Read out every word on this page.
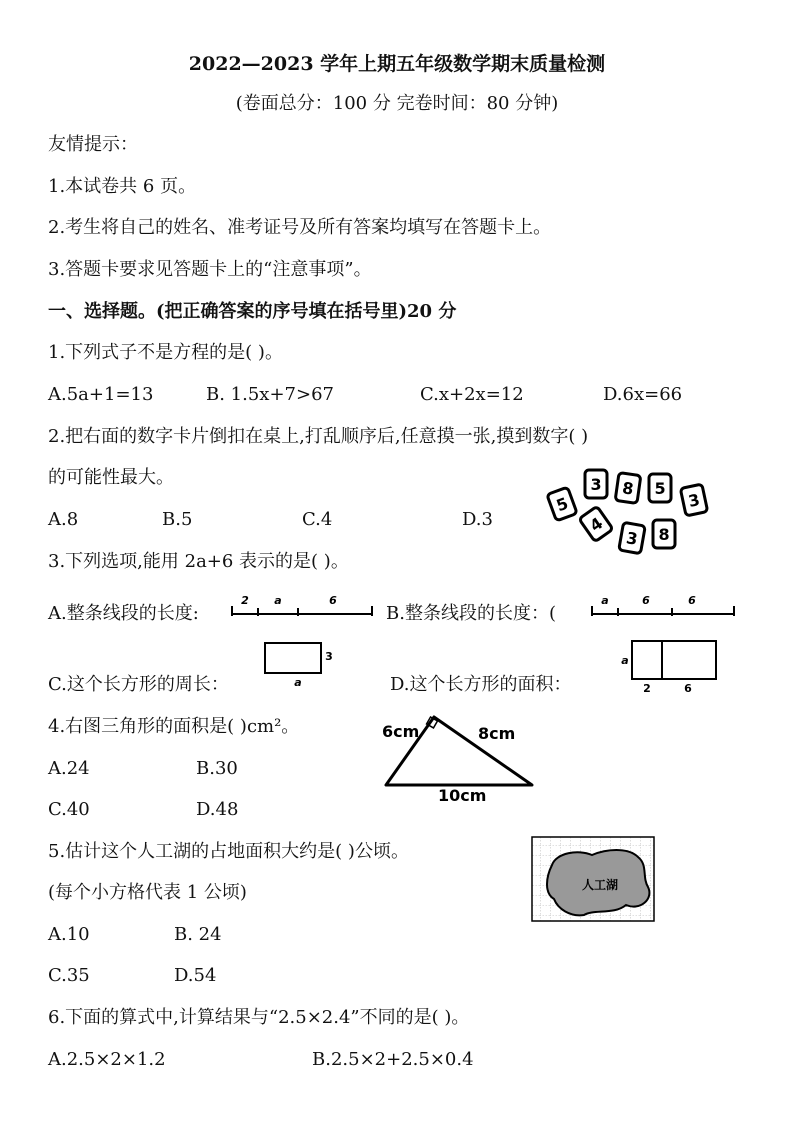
2022—2023 学年上期五年级数学期末质量检测
(卷面总分：100 分 完卷时间：80 分钟)
友情提示：
1.本试卷共 6 页。
2.考生将自己的姓名、准考证号及所有答案均填写在答题卡上。
3.答题卡要求见答题卡上的“注意事项”。
一、选择题。(把正确答案的序号填在括号里)20 分
1.下列式子不是方程的是( )。
A.5a+1=13	B. 1.5x+7>67	C.x+2x=12	D.6x=66
2.把右面的数字卡片倒扣在桌上,打乱顺序后,任意摸一张,摸到数字( )
的可能性最大。
A.8	B.5	C.4	D.3
5
3 8 5
3
4
3 8
3.下列选项,能用 2a+6 表示的是( )。
A.整条线段的长度:
2 a	6
B.整条线段的长度：(
a	6	6
C.这个长方形的周长：
3
a	D.这个长方形的面积：
a
2	6
4.右图三角形的面积是( )cm²。
A.24	B.30
C.40	D.48
6cm	8cm
10cm
5.估计这个人工湖的占地面积大约是( )公顷。
(每个小方格代表 1 公顷)	人工湖
A.10	B. 24
C.35	D.54
6.下面的算式中,计算结果与“2.5×2.4”不同的是( )。
A.2.5×2×1.2	B.2.5×2+2.5×0.4
